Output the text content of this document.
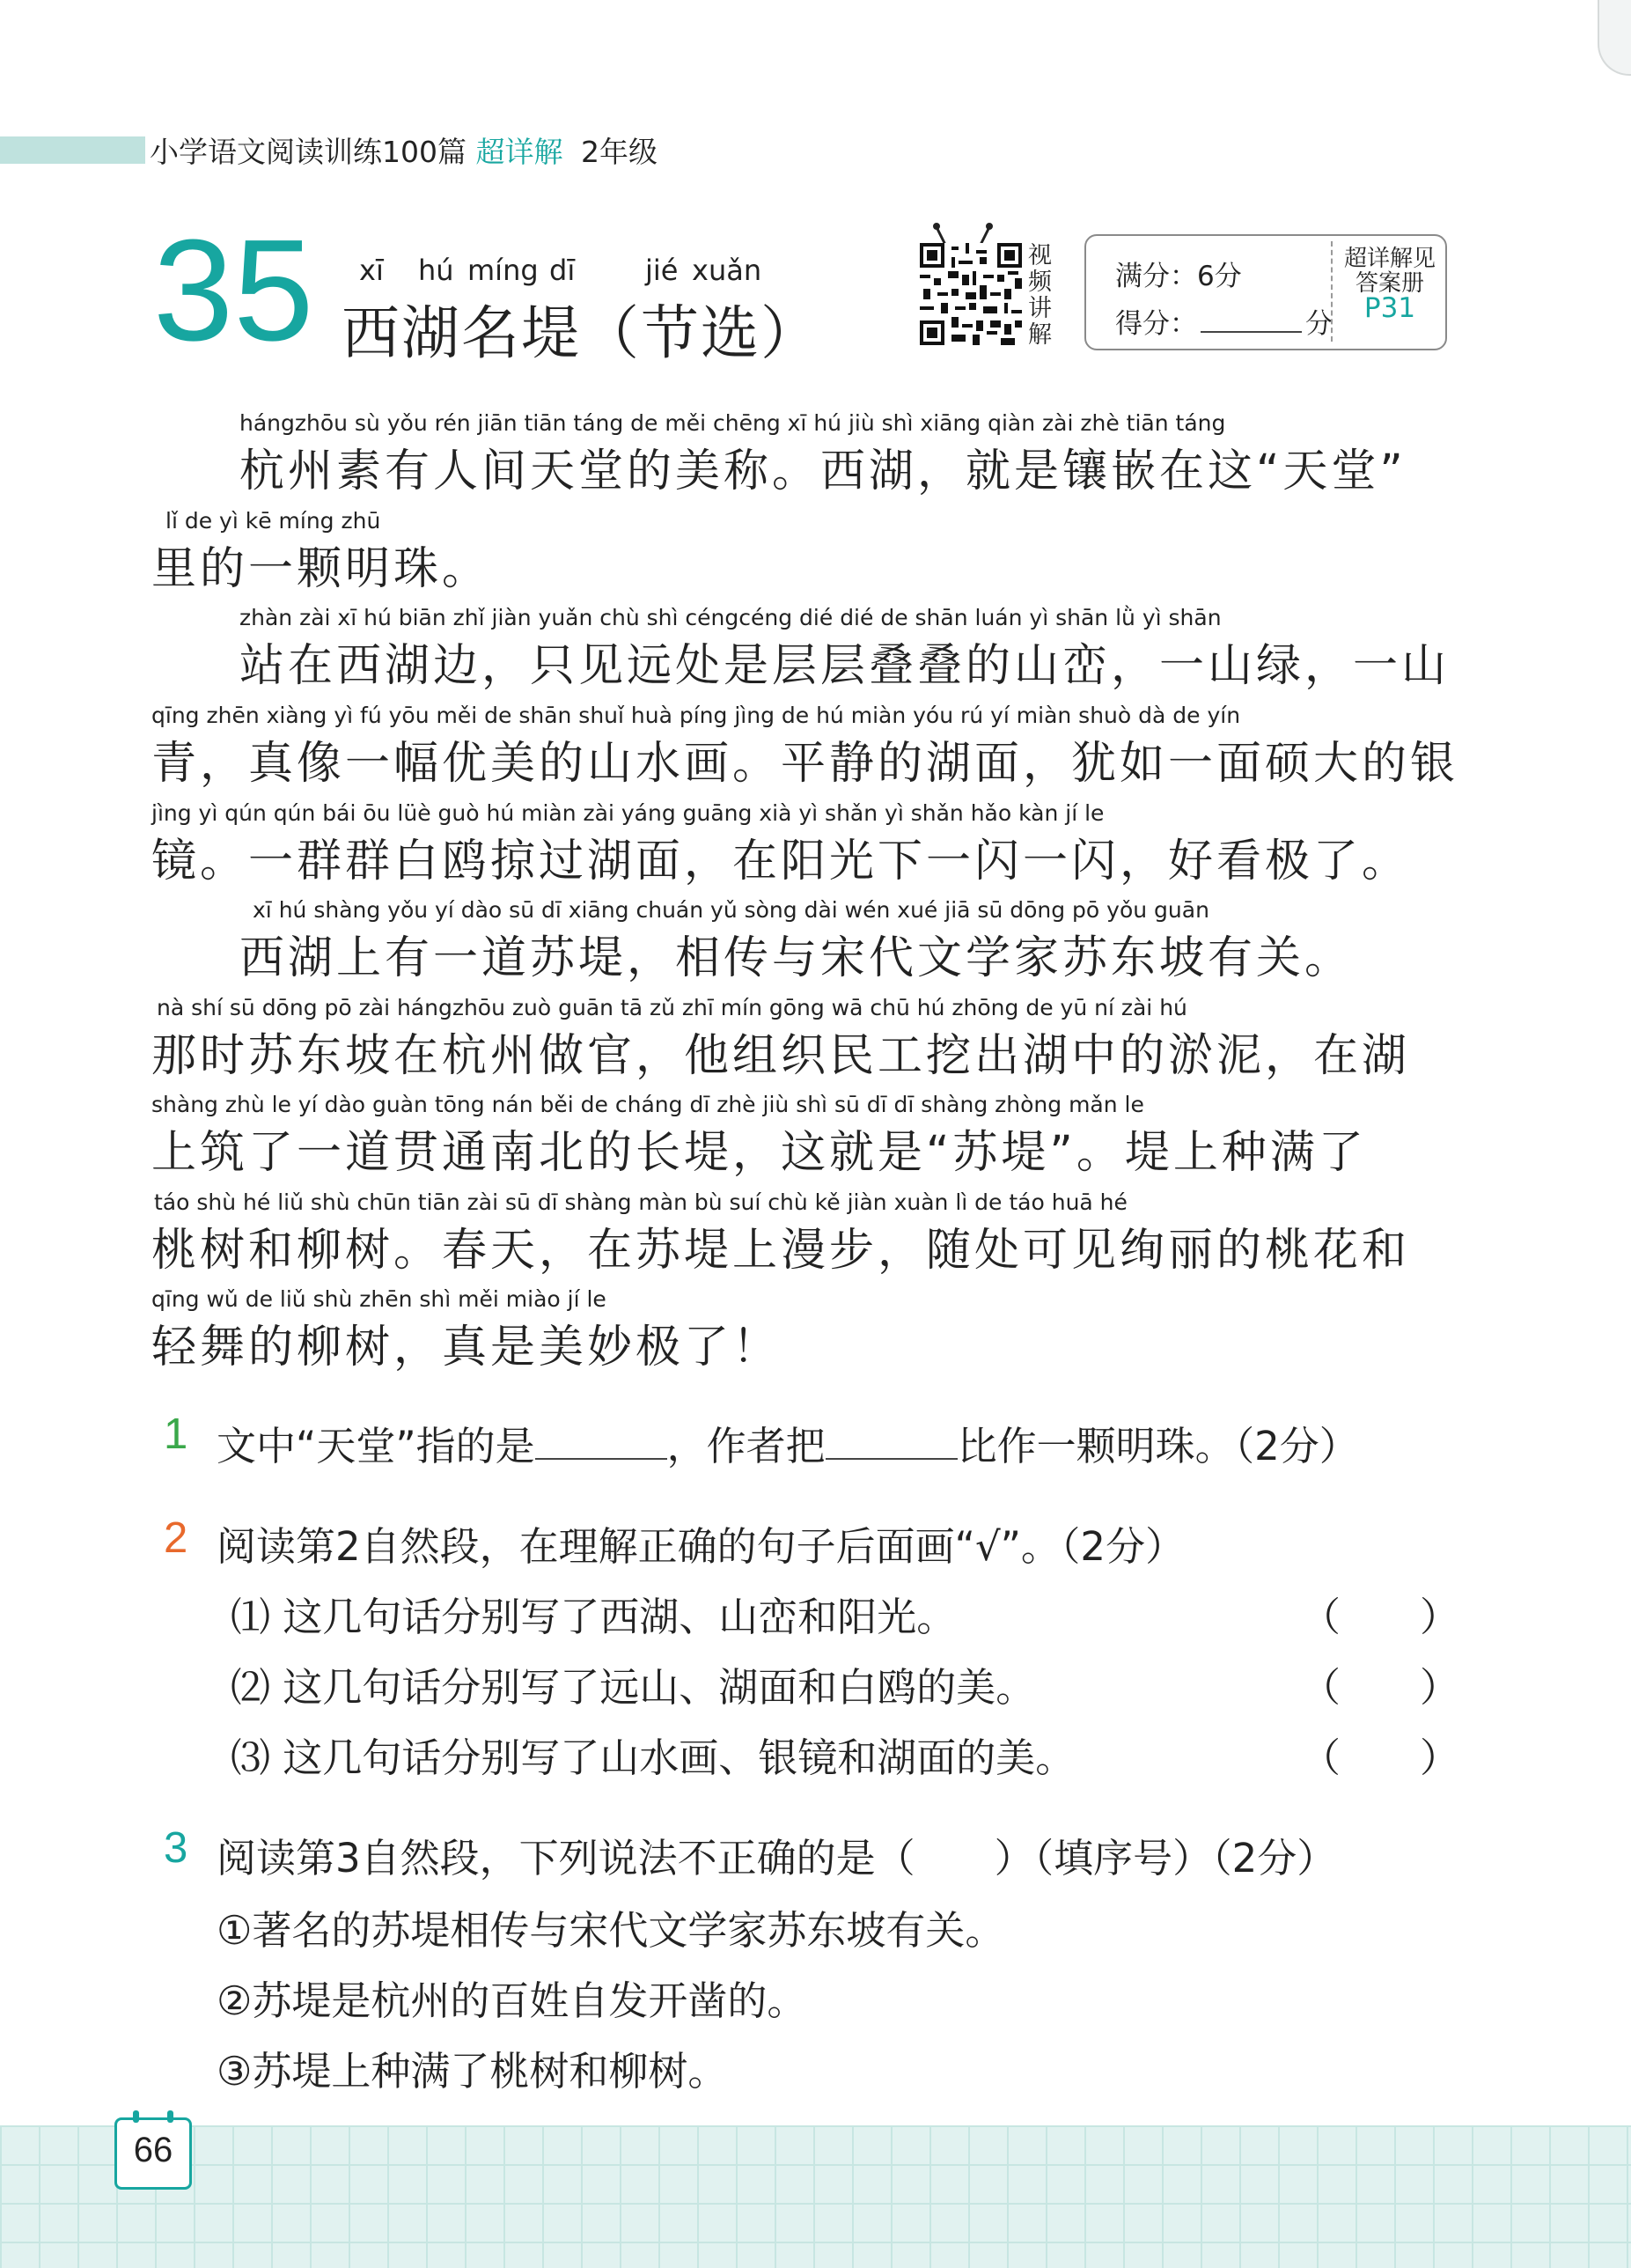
小学语文阅读训练100篇 超详解 2年级
35 xī hú míng dī jié xuǎn
西湖名堤（节选）
视频讲解
满分：6分
得分：	分
超详解见
答案册
P31
hángzhōu sù yǒu rén jiān tiān táng de měi chēng xī hú jiù shì xiāng qiàn zài zhè tiān táng
杭州素有人间天堂的美称。西湖，就是镶嵌在这“天堂”
lǐ de yì kē míng zhū
里的一颗明珠。
zhàn zài xī hú biān zhǐ jiàn yuǎn chù shì céngcéng dié dié de shān luán yì shān lǜ yì shān
站在西湖边，只见远处是层层叠叠的山峦，一山绿，一山
qīng zhēn xiàng yì fú yōu měi de shān shuǐ huà píng jìng de hú miàn yóu rú yí miàn shuò dà de yín
青，真像一幅优美的山水画。平静的湖面，犹如一面硕大的银
jìng yì qún qún bái ōu lüè guò hú miàn zài yáng guāng xià yì shǎn yì shǎn hǎo kàn jí le
镜。一群群白鸥掠过湖面，在阳光下一闪一闪，好看极了。
xī hú shàng yǒu yí dào sū dī xiāng chuán yǔ sòng dài wén xué jiā sū dōng pō yǒu guān
西湖上有一道苏堤，相传与宋代文学家苏东坡有关。
nà shí sū dōng pō zài hángzhōu zuò guān tā zǔ zhī mín gōng wā chū hú zhōng de yū ní zài hú
那时苏东坡在杭州做官，他组织民工挖出湖中的淤泥，在湖
shàng zhù le yí dào guàn tōng nán běi de cháng dī zhè jiù shì sū dī dī shàng zhòng mǎn le
上筑了一道贯通南北的长堤，这就是“苏堤”。堤上种满了
táo shù hé liǔ shù chūn tiān zài sū dī shàng màn bù suí chù kě jiàn xuàn lì de táo huā hé
桃树和柳树。春天，在苏堤上漫步，随处可见绚丽的桃花和
qīng wǔ de liǔ shù zhēn shì měi miào jí le
轻舞的柳树，真是美妙极了！
1 文中“天堂”指的是	，作者把	比作一颗明珠。（2分）
2 阅读第2自然段，在理解正确的句子后面画“√”。（2分）
⑴ 这几句话分别写了西湖、山峦和阳光。	（　　）
⑵ 这几句话分别写了远山、湖面和白鸥的美。	（　　）
⑶ 这几句话分别写了山水画、银镜和湖面的美。	（　　）
3 阅读第3自然段，下列说法不正确的是（　　）（填序号）（2分）
①著名的苏堤相传与宋代文学家苏东坡有关。
②苏堤是杭州的百姓自发开凿的。
③苏堤上种满了桃树和柳树。
66
